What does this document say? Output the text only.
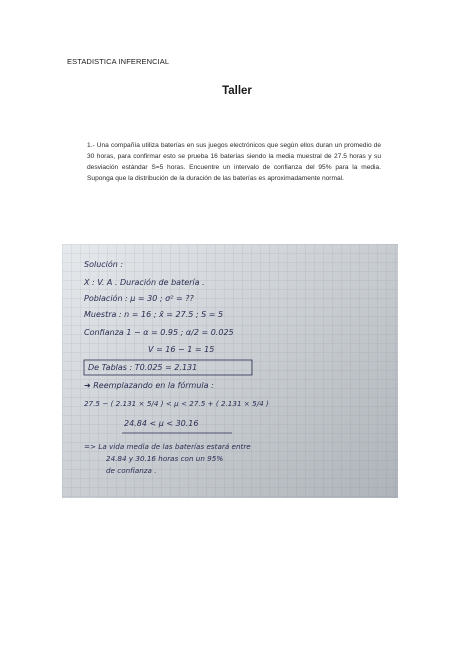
ESTADISTICA INFERENCIAL
Taller
1.- Una compañía utiliza baterías en sus juegos electrónicos que según ellos duran un promedio de 30 horas, para confirmar esto se prueba 16 baterías siendo la media muestral de 27.5 horas y su desviación estándar S=5 horas. Encuentre un intervalo de confianza del 95% para la media. Suponga que la distribución de la duración de las baterías es aproximadamente normal.
Solución :
X : V. A . Duración de batería .
Población : μ = 30 ; σ² = ??
Muestra : n = 16 ; x̄ = 27.5 ; S = 5
Confianza 1 − α = 0.95 ; α/2 = 0.025
V = 16 − 1 = 15
De Tablas : T0.025 = 2.131
➜ Reemplazando en la fórmula :
27.5 − ( 2.131 × 5/4 ) < μ < 27.5 + ( 2.131 × 5/4 )
24.84 < μ < 30.16
=> La vida media de las baterías estará entre
24.84 y 30.16 horas con un 95%
de confianza .
